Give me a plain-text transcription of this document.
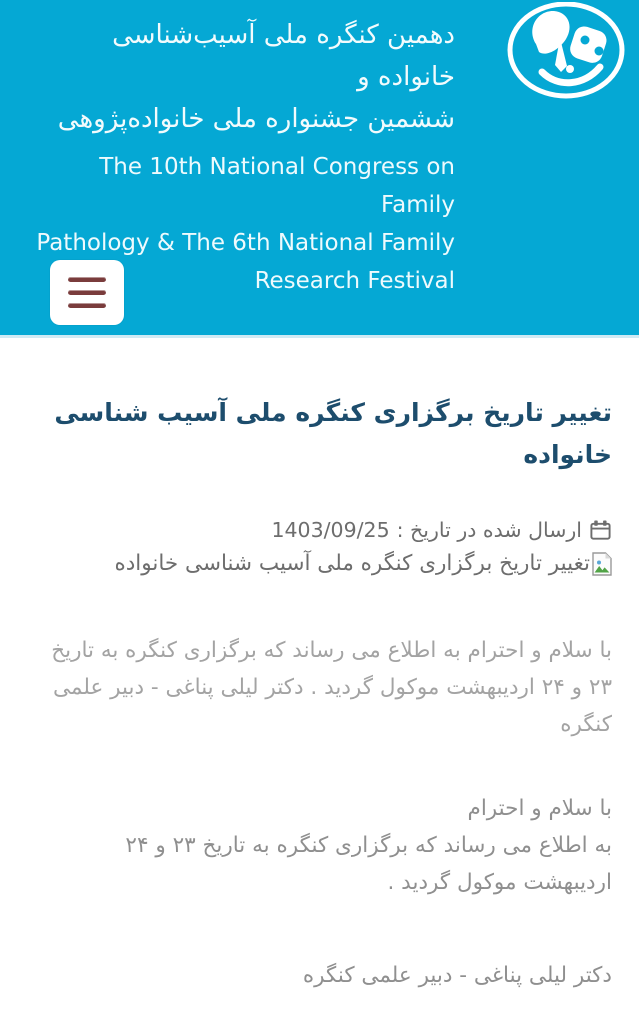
دهمین کنگره ملی آسیب‌شناسی خانواده و
ششمین جشنواره ملی خانواده‌پژوهی
The 10th National Congress on Family
Pathology & The 6th National Family
Research Festival
تغییر تاریخ برگزاری کنگره ملی آسیب شناسی خانواده
ارسال شده در تاریخ :
1403/09/25
تغییر تاریخ برگزاری کنگره ملی آسیب شناسی خانواده

با سلام و احترام به اطلاع می رساند که برگزاری کنگره به تاریخ ۲۳ و ۲۴ اردیبهشت موکول گردید . دکتر لیلی پناغی - دبیر علمی کنگره

با سلام و احترام
به اطلاع می رساند که برگزاری کنگره به تاریخ ۲۳ و ۲۴ اردیبهشت موکول گردید .

دکتر لیلی پناغی - دبیر علمی کنگره
